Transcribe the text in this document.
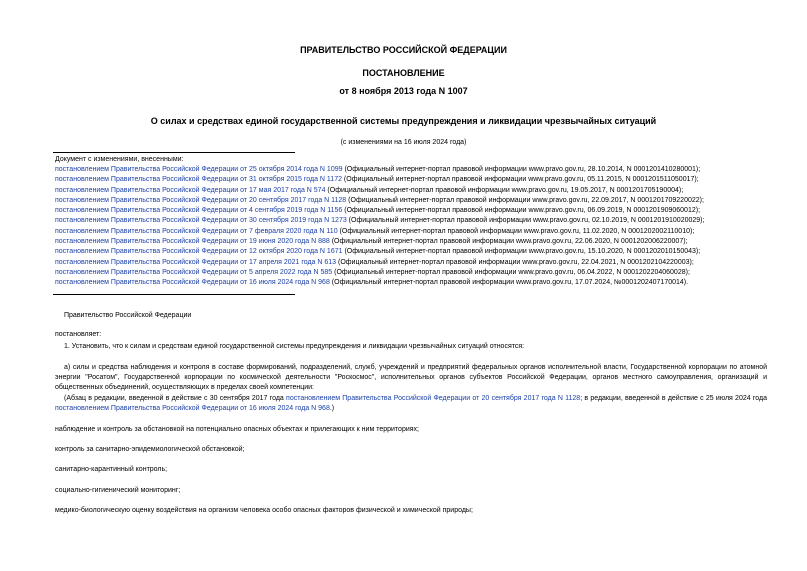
ПРАВИТЕЛЬСТВО РОССИЙСКОЙ ФЕДЕРАЦИИ
ПОСТАНОВЛЕНИЕ
от 8 ноября 2013 года N 1007
О силах и средствах единой государственной системы предупреждения и ликвидации чрезвычайных ситуаций
(с изменениями на 16 июля 2024 года)
Документ с изменениями, внесенными:
постановлением Правительства Российской Федерации от 25 октября 2014 года N 1099 (Официальный интернет-портал правовой информации www.pravo.gov.ru, 28.10.2014, N 0001201410280001);
постановлением Правительства Российской Федерации от 31 октября 2015 года N 1172 (Официальный интернет-портал правовой информации www.pravo.gov.ru, 05.11.2015, N 0001201511050017);
постановлением Правительства Российской Федерации от 17 мая 2017 года N 574 (Официальный интернет-портал правовой информации www.pravo.gov.ru, 19.05.2017, N 0001201705190004);
постановлением Правительства Российской Федерации от 20 сентября 2017 года N 1128 (Официальный интернет-портал правовой информации www.pravo.gov.ru, 22.09.2017, N 0001201709220022);
постановлением Правительства Российской Федерации от 4 сентября 2019 года N 1156 (Официальный интернет-портал правовой информации www.pravo.gov.ru, 06.09.2019, N 0001201909060012);
постановлением Правительства Российской Федерации от 30 сентября 2019 года N 1273 (Официальный интернет-портал правовой информации www.pravo.gov.ru, 02.10.2019, N 0001201910020029);
постановлением Правительства Российской Федерации от 7 февраля 2020 года N 110 (Официальный интернет-портал правовой информации www.pravo.gov.ru, 11.02.2020, N 0001202002110010);
постановлением Правительства Российской Федерации от 19 июня 2020 года N 888 (Официальный интернет-портал правовой информации www.pravo.gov.ru, 22.06.2020, N 0001202006220007);
постановлением Правительства Российской Федерации от 12 октября 2020 года N 1671 (Официальный интернет-портал правовой информации www.pravo.gov.ru, 15.10.2020, N 0001202010150043);
постановлением Правительства Российской Федерации от 17 апреля 2021 года N 613 (Официальный интернет-портал правовой информации www.pravo.gov.ru, 22.04.2021, N 0001202104220003);
постановлением Правительства Российской Федерации от 5 апреля 2022 года N 585 (Официальный интернет-портал правовой информации www.pravo.gov.ru, 06.04.2022, N 0001202204060028);
постановлением Правительства Российской Федерации от 16 июля 2024 года N 968 (Официальный интернет-портал правовой информации www.pravo.gov.ru, 17.07.2024, №0001202407170014).
Правительство Российской Федерации
постановляет:
1. Установить, что к силам и средствам единой государственной системы предупреждения и ликвидации чрезвычайных ситуаций относятся:
а) силы и средства наблюдения и контроля в составе формирований, подразделений, служб, учреждений и предприятий федеральных органов исполнительной власти, Государственной корпорации по атомной энергии "Росатом", Государственной корпорации по космической деятельности "Роскосмос", исполнительных органов субъектов Российской Федерации, органов местного самоуправления, организаций и общественных объединений, осуществляющих в пределах своей компетенции:
(Абзац в редакции, введенной в действие с 30 сентября 2017 года постановлением Правительства Российской Федерации от 20 сентября 2017 года N 1128; в редакции, введенной в действие с 25 июля 2024 года постановлением Правительства Российской Федерации от 16 июля 2024 года N 968.)
наблюдение и контроль за обстановкой на потенциально опасных объектах и прилегающих к ним территориях;
контроль за санитарно-эпидемиологической обстановкой;
санитарно-карантинный контроль;
социально-гигиенический мониторинг;
медико-биологическую оценку воздействия на организм человека особо опасных факторов физической и химической природы;
